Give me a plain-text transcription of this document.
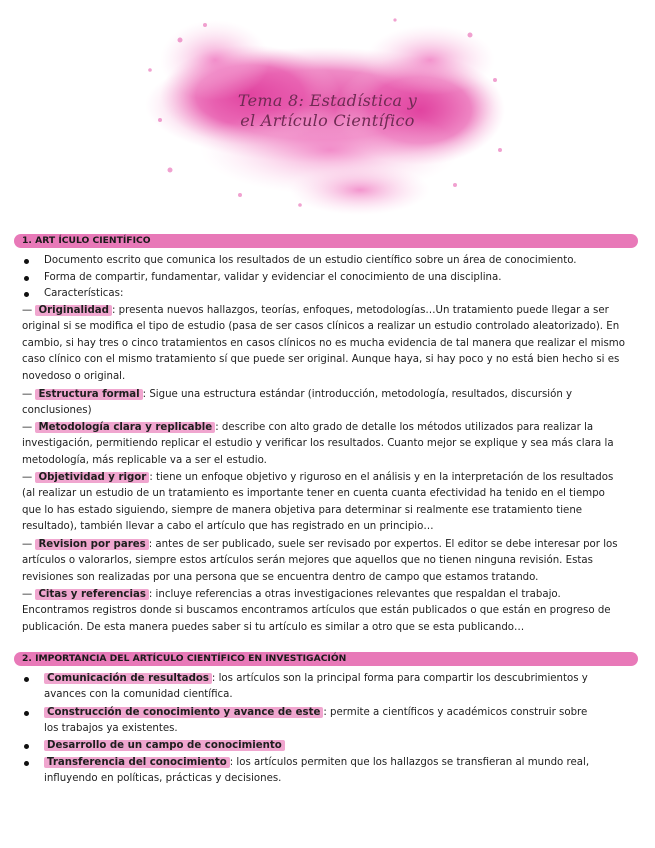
Tema 8: Estadística y
el Artículo Científico
1. ART ÍCULO CIENTÍFICO
Documento escrito que comunica los resultados de un estudio científico sobre un área de conocimiento.
Forma de compartir, fundamentar, validar y evidenciar el conocimiento de una disciplina.
Características:
— Originalidad : presenta nuevos hallazgos, teorías, enfoques, metodologías…Un tratamiento puede llegar a ser original si se modifica el tipo de estudio (pasa de ser casos clínicos a realizar un estudio controlado aleatorizado). En cambio, si hay tres o cinco tratamientos en casos clínicos no es mucha evidencia de tal manera que realizar el mismo caso clínico con el mismo tratamiento sí que puede ser original. Aunque haya, si hay poco y no está bien hecho si es novedoso o original.
— Estructura formal : Sigue una estructura estándar (introducción, metodología, resultados, discursión y conclusiones)
— Metodología clara y replicable : describe con alto grado de detalle los métodos utilizados para realizar la investigación, permitiendo replicar el estudio y verificar los resultados. Cuanto mejor se explique y sea más clara la metodología, más replicable va a ser el estudio.
— Objetividad y rigor : tiene un enfoque objetivo y riguroso en el análisis y en la interpretación de los resultados (al realizar un estudio de un tratamiento es importante tener en cuenta cuanta efectividad ha tenido en el tiempo que lo has estado siguiendo, siempre de manera objetiva para determinar si realmente ese tratamiento tiene resultado), también llevar a cabo el artículo que has registrado en un principio…
— Revision por pares : antes de ser publicado, suele ser revisado por expertos. El editor se debe interesar por los artículos o valorarlos, siempre estos artículos serán mejores que aquellos que no tienen ninguna revisión. Estas revisiones son realizadas por una persona que se encuentra dentro de campo que estamos tratando.
— Citas y referencias : incluye referencias a otras investigaciones relevantes que respaldan el trabajo. Encontramos registros donde si buscamos encontramos artículos que están publicados o que están en progreso de publicación. De esta manera puedes saber si tu artículo es similar a otro que se esta publicando…
2. IMPORTANCIA DEL ARTÍCULO CIENTÍFICO EN INVESTIGACIÓN
Comunicación de resultados : los artículos son la principal forma para compartir los descubrimientos y avances con la comunidad científica.
Construcción de conocimiento y avance de este : permite a científicos y académicos construir sobre los trabajos ya existentes.
Desarrollo de un campo de conocimiento
Transferencia del conocimiento : los artículos permiten que los hallazgos se transfieran al mundo real, influyendo en políticas, prácticas y decisiones.
